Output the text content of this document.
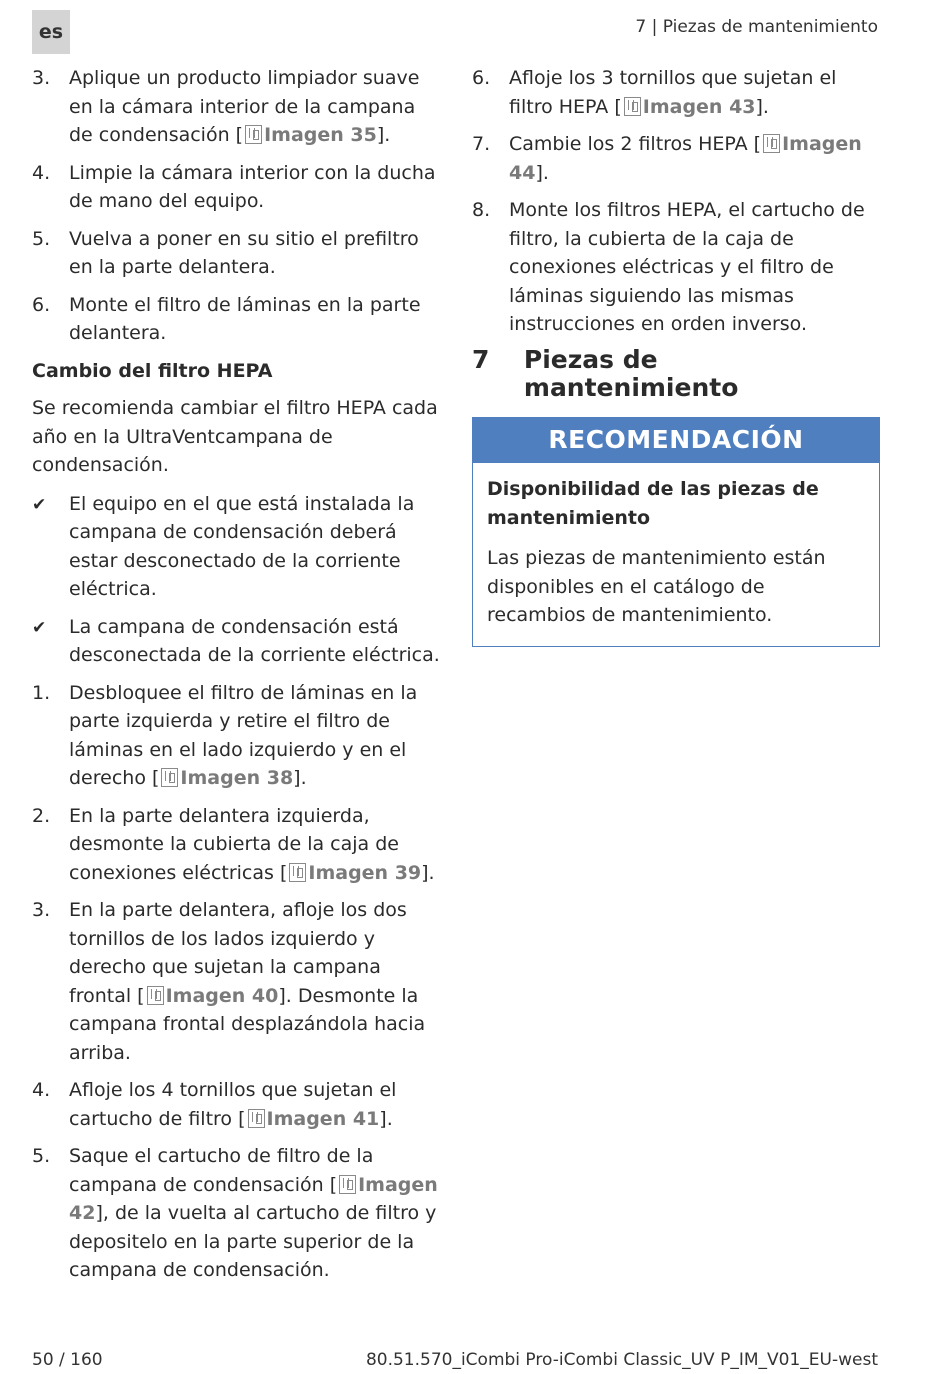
es	7 | Piezas de mantenimiento
3. Aplique un producto limpiador suave en la cámara interior de la campana de condensación [ Imagen 35].
4. Limpie la cámara interior con la ducha de mano del equipo.
5. Vuelva a poner en su sitio el prefiltro en la parte delantera.
6. Monte el filtro de láminas en la parte delantera.
Cambio del filtro HEPA
Se recomienda cambiar el filtro HEPA cada año en la UltraVentcampana de condensación.
✔	El equipo en el que está instalada la campana de condensación deberá estar desconectado de la corriente eléctrica.
✔	La campana de condensación está desconectada de la corriente eléctrica.
1. Desbloquee el filtro de láminas en la parte izquierda y retire el filtro de láminas en el lado izquierdo y en el derecho [ Imagen 38].
2. En la parte delantera izquierda, desmonte la cubierta de la caja de conexiones eléctricas [ Imagen 39].
3. En la parte delantera, afloje los dos tornillos de los lados izquierdo y derecho que sujetan la campana frontal [ Imagen 40]. Desmonte la campana frontal desplazándola hacia arriba.
4. Afloje los 4 tornillos que sujetan el cartucho de filtro [ Imagen 41].
5. Saque el cartucho de filtro de la campana de condensación [ Imagen 42], de la vuelta al cartucho de filtro y depositelo en la parte superior de la campana de condensación.
6. Afloje los 3 tornillos que sujetan el filtro HEPA [ Imagen 43].
7. Cambie los 2 filtros HEPA [ Imagen 44].
8. Monte los filtros HEPA, el cartucho de filtro, la cubierta de la caja de conexiones eléctricas y el filtro de láminas siguiendo las mismas instrucciones en orden inverso.
7	Piezas de mantenimiento
RECOMENDACIÓN
Disponibilidad de las piezas de mantenimiento
Las piezas de mantenimiento están disponibles en el catálogo de recambios de mantenimiento.
50 / 160	80.51.570_iCombi Pro-iCombi Classic_UV P_IM_V01_EU-west
